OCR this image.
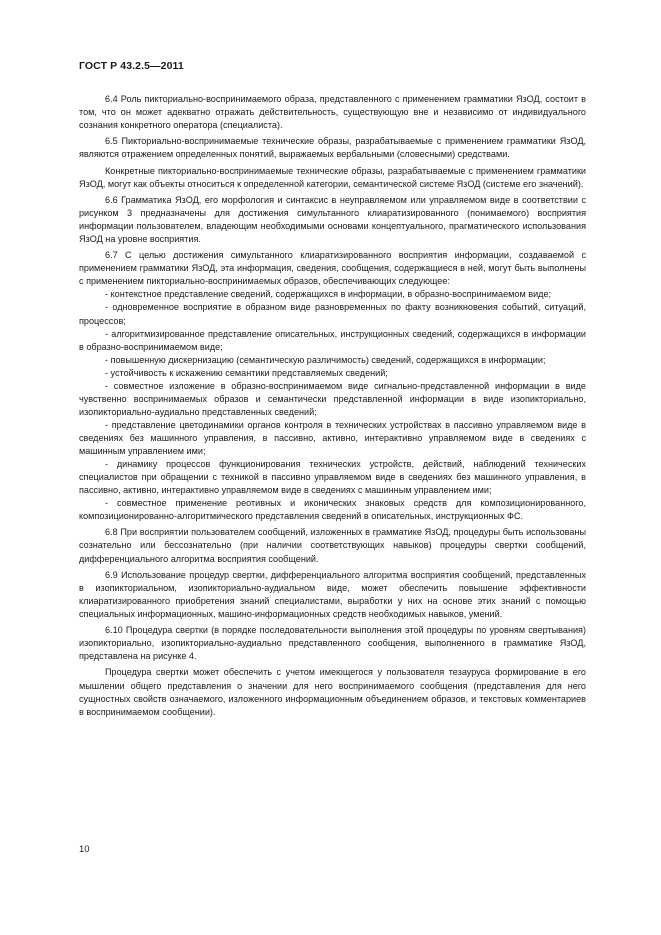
ГОСТ Р 43.2.5—2011

6.4 Роль пикториально-воспринимаемого образа, представленного с применением грамматики ЯзОД, состоит в том, что он может адекватно отражать действительность, существующую вне и независимо от индивидуального сознания конкретного оператора (специалиста).

6.5 Пикториально-воспринимаемые технические образы, разрабатываемые с применением грамматики ЯзОД, являются отражением определенных понятий, выражаемых вербальными (словесными) средствами.

Конкретные пикториально-воспринимаемые технические образы, разрабатываемые с применением грамматики ЯзОД, могут как объекты относиться к определенной категории, семантической системе ЯзОД (системе его значений).

6.6 Грамматика ЯзОД, его морфология и синтаксис в неуправляемом или управляемом виде в соответствии с рисунком 3 предназначены для достижения симультанного клиаратизированного (понимаемого) восприятия информации пользователем, владеющим необходимыми основами концептуального, прагматического использования ЯзОД на уровне восприятия.

6.7 С целью достижения симультанного клиаратизированного восприятия информации, создаваемой с применением грамматики ЯзОД, эта информация, сведения, сообщения, содержащиеся в ней, могут быть выполнены с применением пикториально-воспринимаемых образов, обеспечивающих следующее:

- контекстное представление сведений, содержащихся в информации, в образно-воспринимаемом виде;

- одновременное восприятие в образном виде разновременных по факту возникновения событий, ситуаций, процессов;

- алгоритмизированное представление описательных, инструкционных сведений, содержащихся в информации в образно-воспринимаемом виде;

- повышенную дискернизацию (семантическую различимость) сведений, содержащихся в информации;

- устойчивость к искажению семантики представляемых сведений;

- совместное изложение в образно-воспринимаемом виде сигнально-представленной информации в виде чувственно воспринимаемых образов и семантически представленной информации в виде изопикториально, изопикториально-аудиально представленных сведений;

- представление цветодинамики органов контроля в технических устройствах в пассивно управляемом виде в сведениях без машинного управления, в пассивно, активно, интерактивно управляемом виде в сведениях с машинным управлением ими;

- динамику процессов функционирования технических устройств, действий, наблюдений технических специалистов при обращении с техникой в пассивно управляемом виде в сведениях без машинного управления, в пассивно, активно, интерактивно управляемом виде в сведениях с машинным управлением ими;

- совместное применение реотивных и иконических знаковых средств для композиционированного, композиционированно-алгоритмического представления сведений в описательных, инструкционных ФС.

6.8 При восприятии пользователем сообщений, изложенных в грамматике ЯзОД, процедуры быть использованы сознательно или бессознательно (при наличии соответствующих навыков) процедуры свертки сообщений, дифференциального алгоритма восприятия сообщений.

6.9 Использование процедур свертки, дифференциального алгоритма восприятия сообщений, представленных в изопикториальном, изопикториально-аудиальном виде, может обеспечить повышение эффективности клиаратизированного приобретения знаний специалистами, выработки у них на основе этих знаний с помощью специальных информационных, машино-информационных средств необходимых навыков, умений.

6.10 Процедура свертки (в порядке последовательности выполнения этой процедуры по уровням свертывания) изопикториально, изопикториально-аудиально представленного сообщения, выполненного в грамматике ЯзОД, представлена на рисунке 4.

Процедура свертки может обеспечить с учетом имеющегося у пользователя тезауруса формирование в его мышлении общего представления о значении для него воспринимаемого сообщения (представления для него сущностных свойств означаемого, изложенного информационным объединением образов, и текстовых комментариев в воспринимаемом сообщении).

10
